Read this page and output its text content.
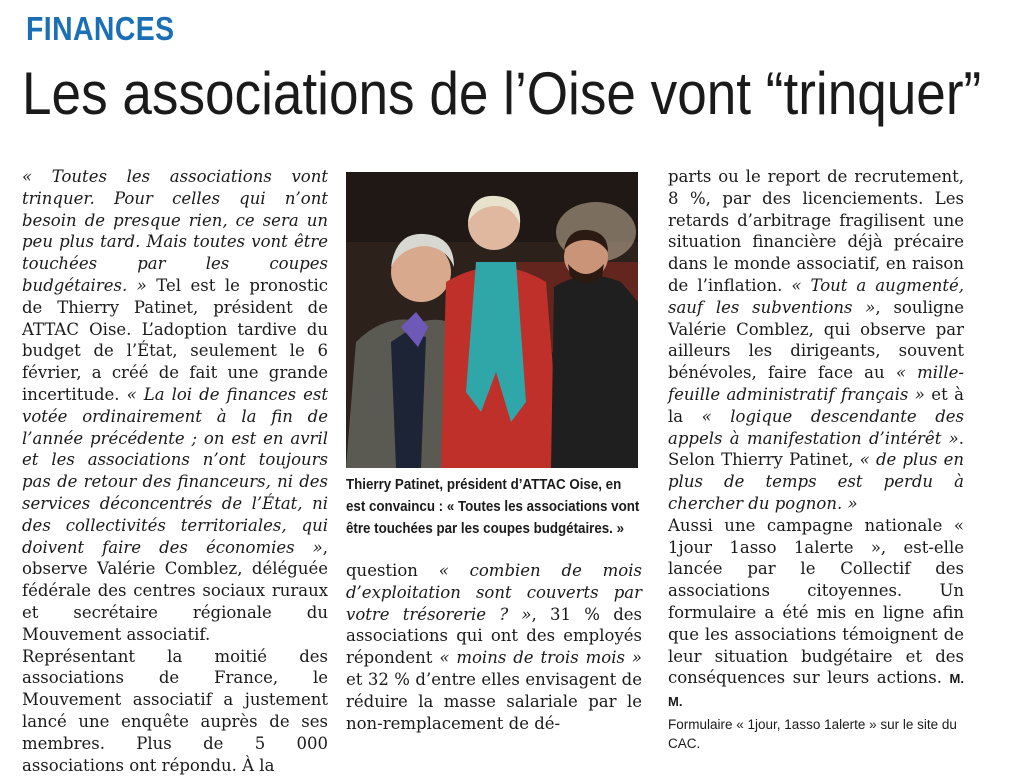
FINANCES
Les associations de l’Oise vont “trinquer”

« Toutes les associations vont trinquer. Pour celles qui n’ont besoin de presque rien, ce sera un peu plus tard. Mais toutes vont être touchées par les coupes budgétaires. » Tel est le pronostic de Thierry Patinet, président de ATTAC Oise. L’adoption tardive du budget de l’État, seulement le 6 février, a créé de fait une grande incertitude. « La loi de finances est votée ordinairement à la fin de l’année précédente ; on est en avril et les associations n’ont toujours pas de retour des financeurs, ni des services déconcentrés de l’État, ni des collectivités territoriales, qui doivent faire des économies », observe Valérie Comblez, déléguée fédérale des centres sociaux ruraux et secrétaire régionale du Mouvement associatif.

Représentant la moitié des associations de France, le Mouvement associatif a justement lancé une enquête auprès de ses membres. Plus de 5 000 associations ont répondu. À la

Thierry Patinet, président d’ATTAC Oise, en est convaincu : « Toutes les associations vont être touchées par les coupes budgétaires. »

question « combien de mois d’exploitation sont couverts par votre trésorerie ? », 31 % des associations qui ont des employés répondent « moins de trois mois » et 32 % d’entre elles envisagent de réduire la masse salariale par le non-remplacement de dé-

parts ou le report de recrutement, 8 %, par des licenciements. Les retards d’arbitrage fragilisent une situation financière déjà précaire dans le monde associatif, en raison de l’inflation. « Tout a augmenté, sauf les subventions », souligne Valérie Comblez, qui observe par ailleurs les dirigeants, souvent bénévoles, faire face au « mille-feuille administratif français » et à la « logique descendante des appels à manifestation d’intérêt ». Selon Thierry Patinet, « de plus en plus de temps est perdu à chercher du pognon. »

Aussi une campagne nationale « 1jour 1asso 1alerte », est-elle lancée par le Collectif des associations citoyennes. Un formulaire a été mis en ligne afin que les associations témoignent de leur situation budgétaire et des conséquences sur leurs actions. M. M.

Formulaire « 1jour, 1asso 1alerte » sur le site du CAC.
